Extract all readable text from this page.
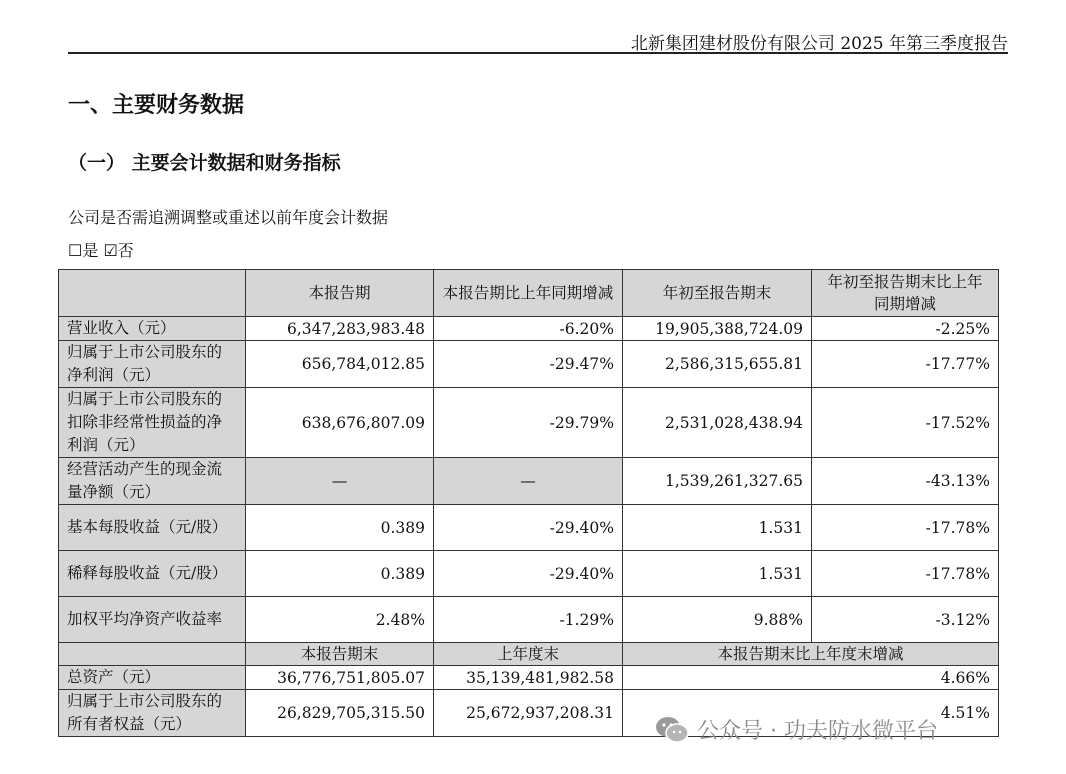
北新集团建材股份有限公司 2025 年第三季度报告
一、主要财务数据
（一） 主要会计数据和财务指标
公司是否需追溯调整或重述以前年度会计数据
☐是 ☑否
	本报告期	本报告期比上年同期增减	年初至报告期末	年初至报告期末比上年同期增减
营业收入（元）	6,347,283,983.48	-6.20%	19,905,388,724.09	-2.25%
归属于上市公司股东的净利润（元）	656,784,012.85	-29.47%	2,586,315,655.81	-17.77%
归属于上市公司股东的扣除非经常性损益的净利润（元）	638,676,807.09	-29.79%	2,531,028,438.94	-17.52%
经营活动产生的现金流量净额（元）	—	—	1,539,261,327.65	-43.13%
基本每股收益（元/股）	0.389	-29.40%	1.531	-17.78%
稀释每股收益（元/股）	0.389	-29.40%	1.531	-17.78%
加权平均净资产收益率	2.48%	-1.29%	9.88%	-3.12%
	本报告期末	上年度末	本报告期末比上年度末增减	
总资产（元）	36,776,751,805.07	35,139,481,982.58	4.66%	
归属于上市公司股东的所有者权益（元）	26,829,705,315.50	25,672,937,208.31	4.51%	
公众号 · 功夫防水微平台
